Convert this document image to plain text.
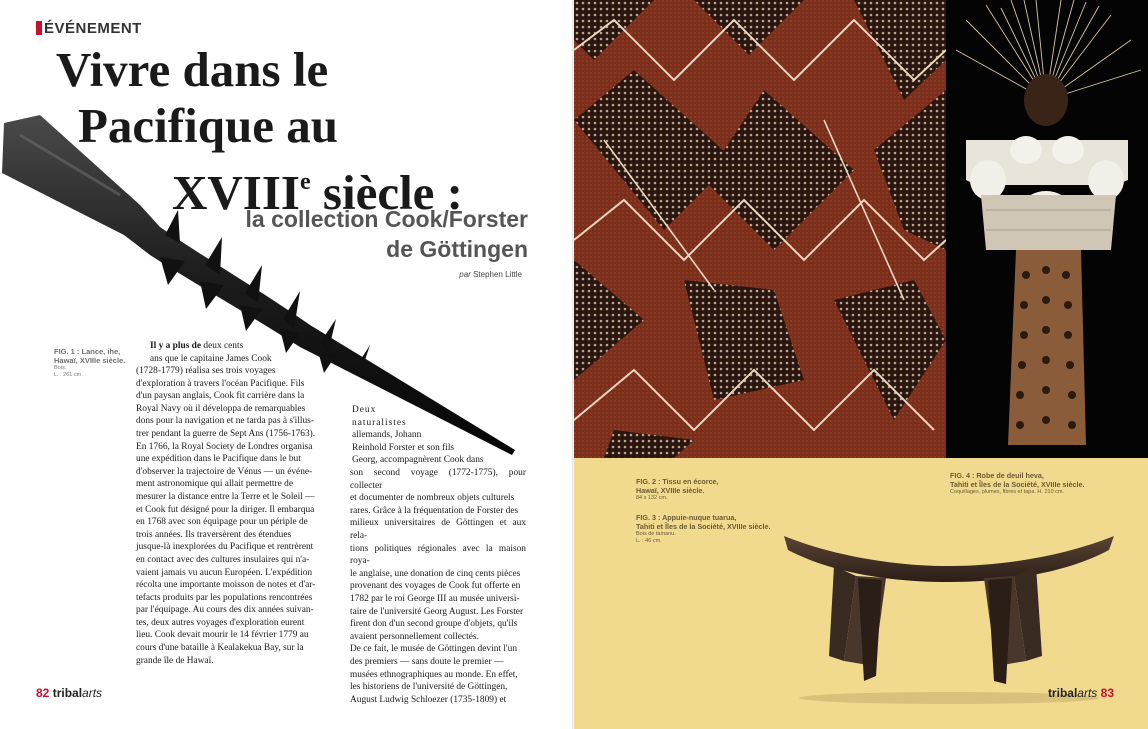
ÉVÉNEMENT
Vivre dans le
Pacifique au
XVIIIe siècle :
la collection Cook/Forster
de Göttingen
par Stephen Little
FIG. 1 : Lance, ihe,
Hawaï, XVIIIe siècle.
Bois.
L. : 261 cm.
Il y a plus de deux cents
ans que le capitaine James Cook
(1728-1779) réalisa ses trois voyages
d'exploration à travers l'océan Pacifique. Fils
d'un paysan anglais, Cook fit carrière dans la
Royal Navy où il développa de remarquables
dons pour la navigation et ne tarda pas à s'illus-
trer pendant la guerre de Sept Ans (1756-1763).
En 1766, la Royal Society de Londres organisa
une expédition dans le Pacifique dans le but
d'observer la trajectoire de Vénus — un événe-
ment astronomique qui allait permettre de
mesurer la distance entre la Terre et le Soleil —
et Cook fut désigné pour la diriger. Il embarqua
en 1768 avec son équipage pour un périple de
trois années. Ils traversèrent des étendues
jusque-là inexplorées du Pacifique et rentrèrent
en contact avec des cultures insulaires qui n'a-
vaient jamais vu aucun Européen. L'expédition
récolta une importante moisson de notes et d'ar-
tefacts produits par les populations rencontrées
par l'équipage. Au cours des dix années suivan-
tes, deux autres voyages d'exploration eurent
lieu. Cook devait mourir le 14 février 1779 au
cours d'une bataille à Kealakekua Bay, sur la
grande île de Hawaï.
Deux
naturalistes
allemands, Johann
Reinhold Forster et son fils
Georg, accompagnèrent Cook dans
son second voyage (1772-1775), pour collecter
et documenter de nombreux objets culturels
rares. Grâce à la fréquentation de Forster des
milieux universitaires de Göttingen et aux rela-
tions politiques régionales avec la maison roya-
le anglaise, une donation de cinq cents pièces
provenant des voyages de Cook fut offerte en
1782 par le roi George III au musée universi-
taire de l'université Georg August. Les Forster
firent don d'un second groupe d'objets, qu'ils
avaient personnellement collectés.
De ce fait, le musée de Göttingen devint l'un
des premiers — sans doute le premier —
musées ethnographiques au monde. En effet,
les historiens de l'université de Göttingen,
August Ludwig Schloezer (1735-1809) et
82 tribalarts
FIG. 2 : Tissu en écorce,
Hawaï, XVIIIe siècle.
84 x 132 cm.
FIG. 3 : Appuie-nuque tuarua,
Tahiti et Îles de la Société, XVIIIe siècle.
Bois de tamanu.
L. : 46 cm.
FIG. 4 : Robe de deuil heva,
Tahiti et Îles de la Société, XVIIIe siècle.
Coquillages, plumes, fibres et tapa. H. 210 cm.
tribalarts 83
